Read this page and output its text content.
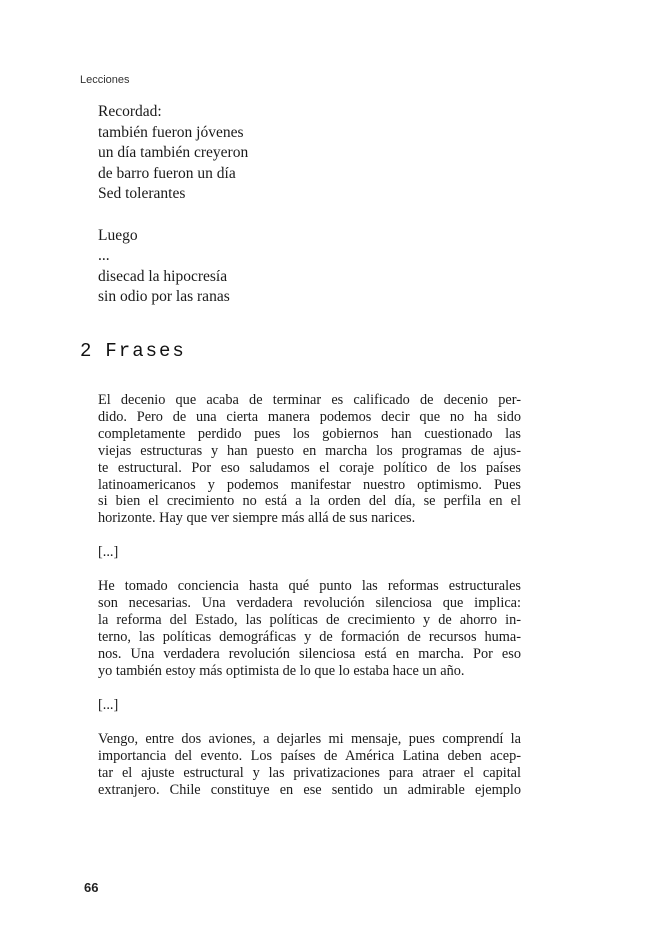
Lecciones
Recordad:
también fueron jóvenes
un día también creyeron
de barro fueron un día
Sed tolerantes
Luego
...
disecad la hipocresía
sin odio por las ranas
2 Frases
El decenio que acaba de terminar es calificado de decenio per-
dido. Pero de una cierta manera podemos decir que no ha sido
completamente perdido pues los gobiernos han cuestionado las
viejas estructuras y han puesto en marcha los programas de ajus-
te estructural. Por eso saludamos el coraje político de los países
latinoamericanos y podemos manifestar nuestro optimismo. Pues
si bien el crecimiento no está a la orden del día, se perfila en el
horizonte. Hay que ver siempre más allá de sus narices.
[...]
He tomado conciencia hasta qué punto las reformas estructurales
son necesarias. Una verdadera revolución silenciosa que implica:
la reforma del Estado, las políticas de crecimiento y de ahorro in-
terno, las políticas demográficas y de formación de recursos huma-
nos. Una verdadera revolución silenciosa está en marcha. Por eso
yo también estoy más optimista de lo que lo estaba hace un año.
[...]
Vengo, entre dos aviones, a dejarles mi mensaje, pues comprendí la
importancia del evento. Los países de América Latina deben acep-
tar el ajuste estructural y las privatizaciones para atraer el capital
extranjero. Chile constituye en ese sentido un admirable ejemplo
66
